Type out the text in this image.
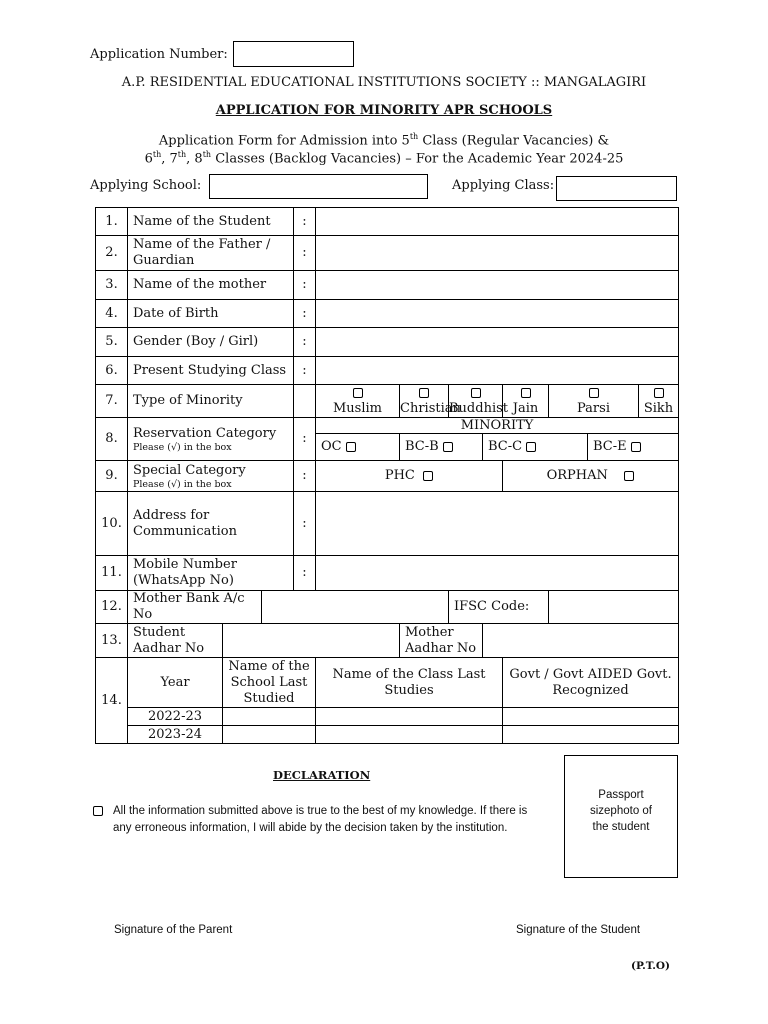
Application Number:
A.P. RESIDENTIAL EDUCATIONAL INSTITUTIONS SOCIETY :: MANGALAGIRI
APPLICATION FOR MINORITY APR SCHOOLS
Application Form for Admission into 5th Class (Regular Vacancies) &
6th, 7th, 8th Classes (Backlog Vacancies) – For the Academic Year 2024-25
Applying School:	Applying Class:
1.	Name of the Student			:								
2.	Name of the Father / Guardian			:								
3.	Name of the mother			:								
4.	Date of Birth			:								
5.	Gender (Boy / Girl)			:								
6.	Present Studying Class			:								
7.	Type of Minority				Muslim	Christian	Buddhist		Jain	Parsi		Sikh
8.	Reservation Category
Please (√) in the box			:	MINORITY							
					OC	BC-B		BC-C			BC-E	
9.	Special Category
Please (√) in the box			:	PHC				ORPHAN			
10.	Address for Communication			:								
11.	Mobile Number (WhatsApp No)			:								
12.	Mother Bank A/c No						IFSC Code:					
13.	Student Aadhar No					Mother Aadhar No						
14.	Year	Name of the School Last Studied			Name of the Class Last Studies				Govt / Govt AIDED Govt. Recognized			
	2022-23											
	2023-24											
DECLARATION
All the information submitted above is true to the best of my knowledge. If there is any erroneous information, I will abide by the decision taken by the institution.
Passport sizephoto of the student
Signature of the Parent	Signature of the Student
(P.T.O)
